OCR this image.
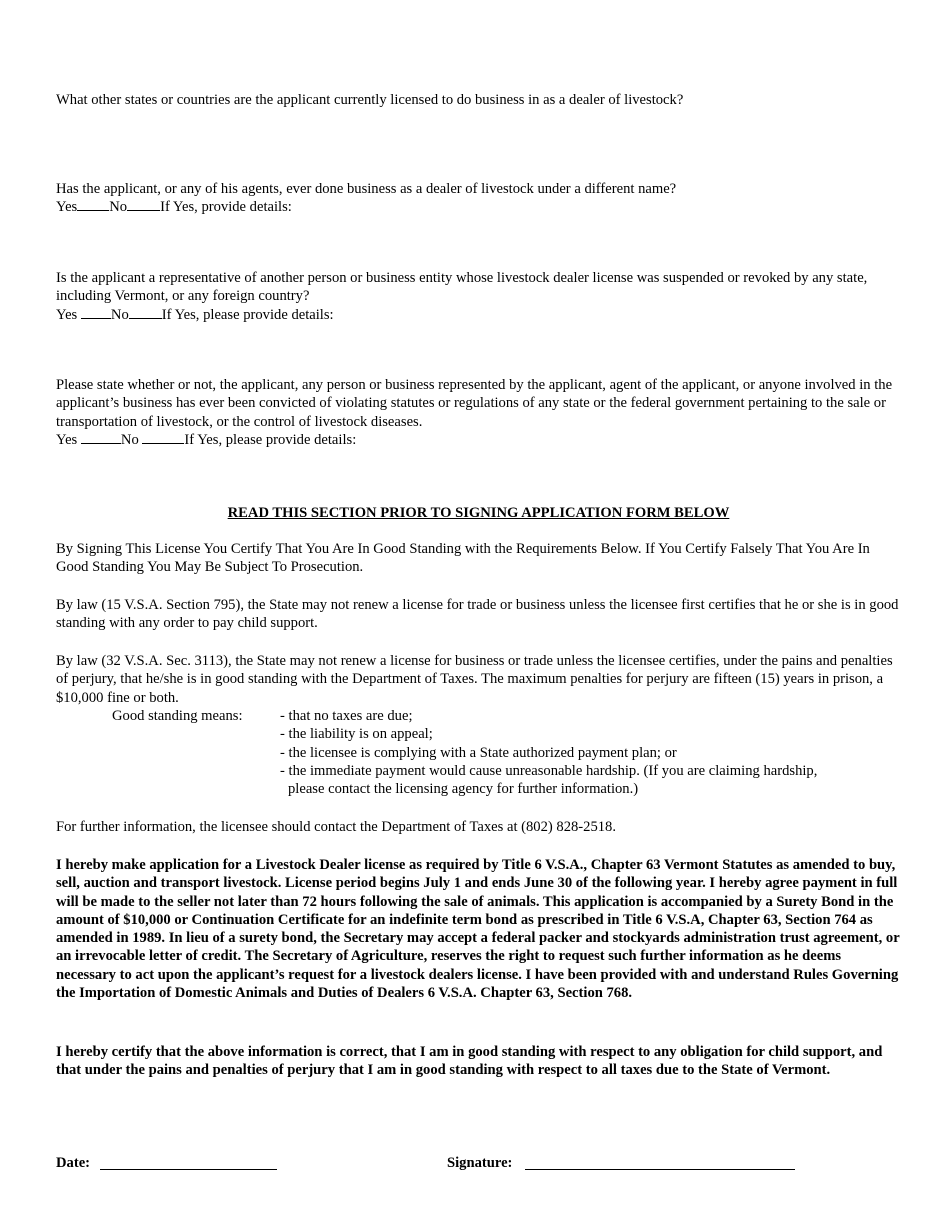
What other states or countries are the applicant currently licensed to do business in as a dealer of livestock?

Has the applicant, or any of his agents, ever done business as a dealer of livestock under a different name?
Yes No If Yes, provide details:
Is the applicant a representative of another person or business entity whose livestock dealer license was suspended or revoked by any state, including Vermont, or any foreign country?
Yes No If Yes, please provide details:
Please state whether or not, the applicant, any person or business represented by the applicant, agent of the applicant, or anyone involved in the applicant’s business has ever been convicted of violating statutes or regulations of any state or the federal government pertaining to the sale or transportation of livestock, or the control of livestock diseases.
Yes	No	If Yes, please provide details:
READ THIS SECTION PRIOR TO SIGNING APPLICATION FORM BELOW

By Signing This License You Certify That You Are In Good Standing with the Requirements Below. If You Certify Falsely That You Are In Good Standing You May Be Subject To Prosecution.

By law (15 V.S.A. Section 795), the State may not renew a license for trade or business unless the licensee first certifies that he or she is in good standing with any order to pay child support.

By law (32 V.S.A. Sec. 3113), the State may not renew a license for business or trade unless the licensee certifies, under the pains and penalties of perjury, that he/she is in good standing with the Department of Taxes. The maximum penalties for perjury are fifteen (15) years in prison, a $10,000 fine or both.

Good standing means:	- that no taxes are due;
- the liability is on appeal;
- the licensee is complying with a State authorized payment plan; or
- the immediate payment would cause unreasonable hardship. (If you are claiming hardship,
please contact the licensing agency for further information.)

For further information, the licensee should contact the Department of Taxes at (802) 828-2518.

I hereby make application for a Livestock Dealer license as required by Title 6 V.S.A., Chapter 63 Vermont Statutes as amended to buy, sell, auction and transport livestock. License period begins July 1 and ends June 30 of the following year. I hereby agree payment in full will be made to the seller not later than 72 hours following the sale of animals. This application is accompanied by a Surety Bond in the amount of $10,000 or Continuation Certificate for an indefinite term bond as prescribed in Title 6 V.S.A, Chapter 63, Section 764 as amended in 1989. In lieu of a surety bond, the Secretary may accept a federal packer and stockyards administration trust agreement, or an irrevocable letter of credit. The Secretary of Agriculture, reserves the right to request such further information as he deems necessary to act upon the applicant’s request for a livestock dealers license. I have been provided with and understand Rules Governing the Importation of Domestic Animals and Duties of Dealers 6 V.S.A. Chapter 63, Section 768.

I hereby certify that the above information is correct, that I am in good standing with respect to any obligation for child support, and that under the pains and penalties of perjury that I am in good standing with respect to all taxes due to the State of Vermont.

Date:	Signature:
